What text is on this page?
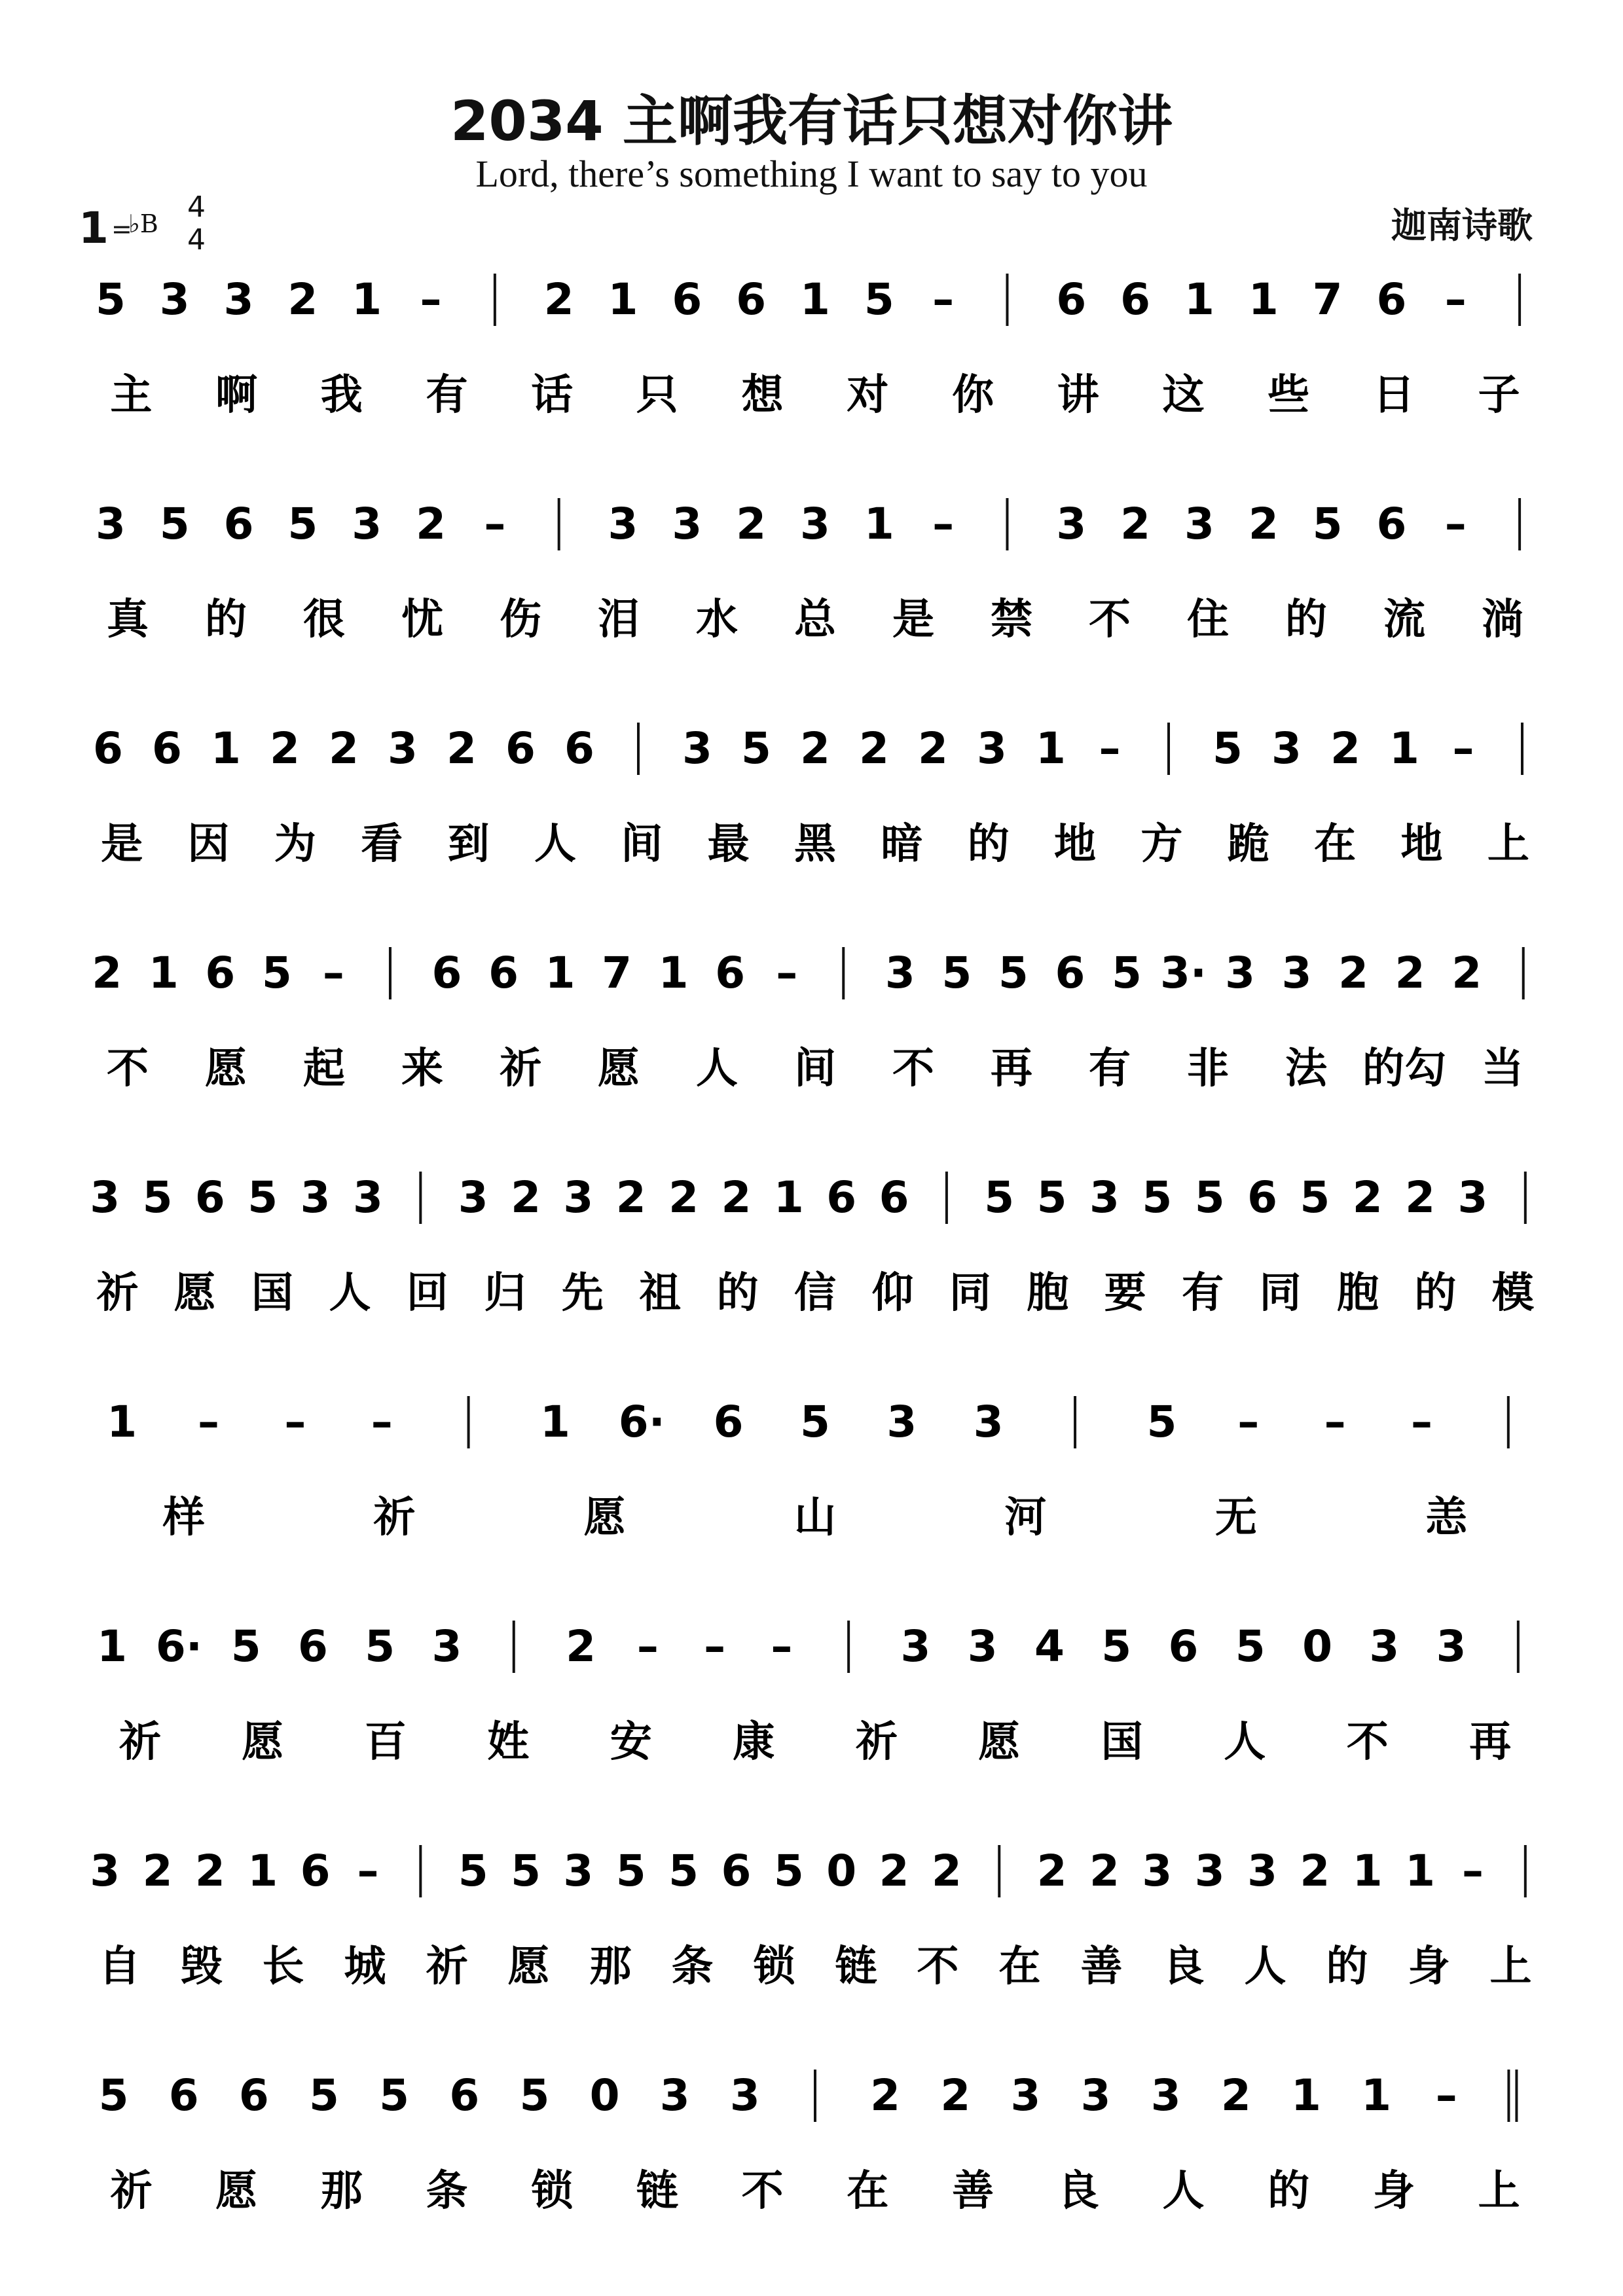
2034 主啊我有话只想对你讲
Lord, there’s something I want to say to you
1 =
♭B 4
4	迦南诗歌
5 3 3 2 1 – 2 1 6 6 1 5 – 6 6 1 1 7 6 –
主 啊 我 有 话 只 想 对 你 讲 这 些 日 子
3 5 6 5 3 2 – 3 3 2 3 1 – 3 2 3 2 5 6 –
真 的 很 忧 伤 泪 水 总 是 禁 不 住 的 流 淌
6 6 1 2 2 3 2 6 6 3 5 2 2 2 3 1 – 5 3 2 1 –
是 因 为 看 到 人 间 最 黑 暗 的 地 方 跪 在 地 上
2 1 6 5 – 6 6 1 7 1 6 – 3 5 5 6 5 3· 3 3 2 2 2
不 愿 起 来 祈 愿 人 间 不 再 有 非 法 的勾 当
3 5 6 5 3 3 3 2 3 2 2 2 1 6 6 5 5 3 5 5 6 5 2 2 3
祈 愿 国 人 回 归 先 祖 的 信 仰 同 胞 要 有 同 胞 的 模
1 – – –	1 6· 6 5 3 3	5 – – –
样	祈	愿	山	河	无	恙
1 6· 5 6 5 3 2 – – –	3 3 4 5 6 5 0 3 3
祈 愿 百 姓 安 康 祈 愿 国 人 不 再
3 2 2 1 6 – 5 5 3 5 5 6 5 0 2 2 2 2 3 3 3 2 1 1 –
自 毁 长 城 祈 愿 那 条 锁 链 不 在 善 良 人 的 身 上
5 6 6 5 5 6 5 0 3 3	2 2 3 3 3 2 1 1 –
祈 愿 那 条 锁 链 不 在 善 良 人 的 身 上
